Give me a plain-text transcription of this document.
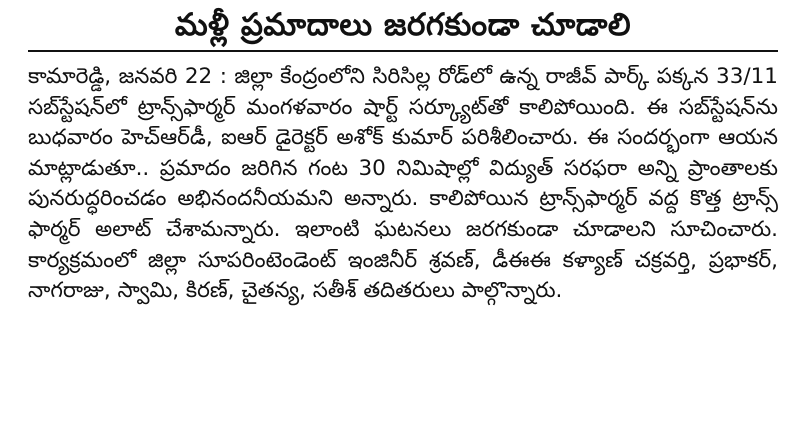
మళ్లీ ప్రమాదాలు జరగకుండా చూడాలి

కామారెడ్డి, జనవరి 22 : జిల్లా కేంద్రంలోని సిరిసిల్ల రోడ్‌లో ఉన్న రాజీవ్ పార్క్ పక్కన 33/11 సబ్‌స్టేషన్‌లో ట్రాన్స్‌ఫార్మర్ మంగళవారం షార్ట్ సర్క్యూట్‌తో కాలిపోయింది. ఈ సబ్‌స్టేషన్‌ను బుధవారం హెచ్‌ఆర్‌డీ, ఐఆర్ డైరెక్టర్ అశోక్ కుమార్ పరిశీలించారు. ఈ సందర్భంగా ఆయన మాట్లాడుతూ.. ప్రమాదం జరిగిన గంట 30 నిమిషాల్లో విద్యుత్ సరఫరా అన్ని ప్రాంతాలకు పునరుద్ధరించడం అభినందనీయమని అన్నారు. కాలిపోయిన ట్రాన్స్‌ఫార్మర్ వద్ద కొత్త ట్రాన్స్ ఫార్మర్ అలాట్ చేశామన్నారు. ఇలాంటి ఘటనలు జరగకుండా చూడాలని సూచించారు. కార్యక్రమంలో జిల్లా సూపరింటెండెంట్ ఇంజినీర్ శ్రవణ్, డీఈఈ కళ్యాణ్ చక్రవర్తి, ప్రభాకర్, నాగరాజు, స్వామి, కిరణ్, చైతన్య, సతీశ్ తదితరులు పాల్గొన్నారు.
